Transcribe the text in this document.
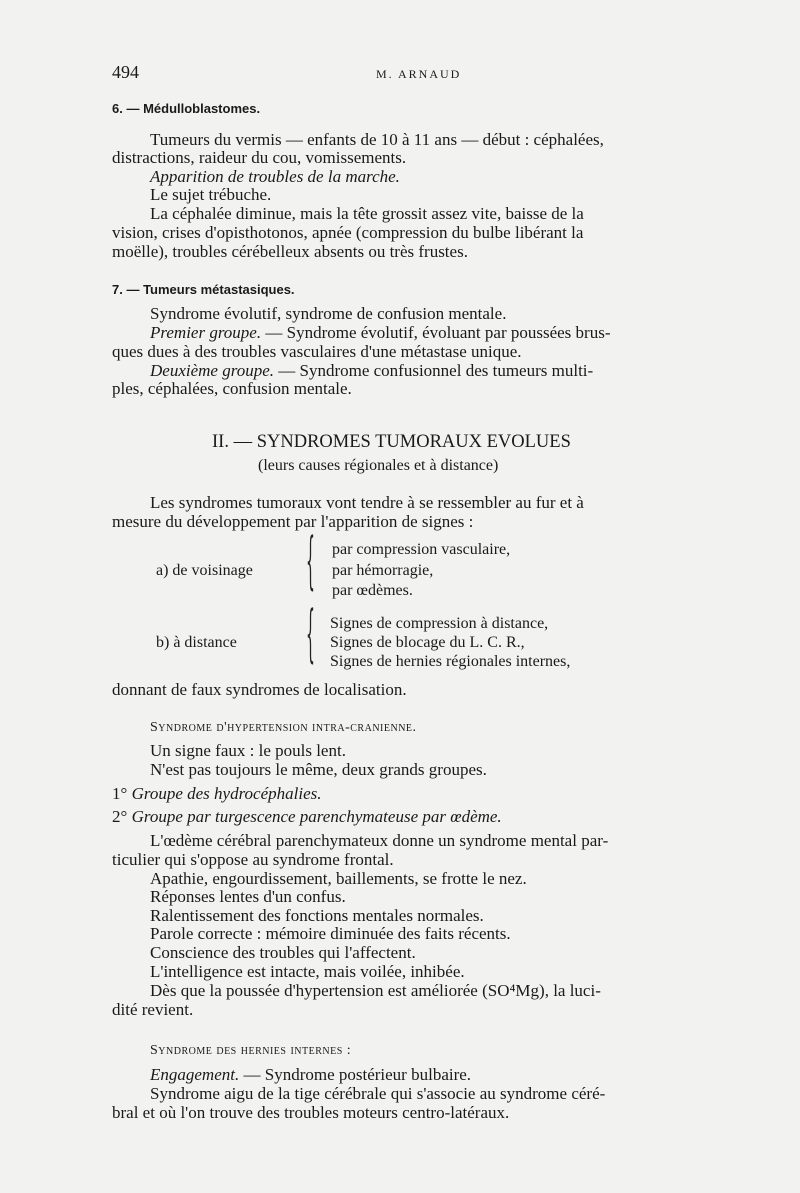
494	M. ARNAUD
6. — Médulloblastomes.
Tumeurs du vermis — enfants de 10 à 11 ans — début : céphalées,
distractions, raideur du cou, vomissements.
Apparition de troubles de la marche.
Le sujet trébuche.
La céphalée diminue, mais la tête grossit assez vite, baisse de la
vision, crises d'opisthotonos, apnée (compression du bulbe libérant la
moëlle), troubles cérébelleux absents ou très frustes.
7. — Tumeurs métastasiques.
Syndrome évolutif, syndrome de confusion mentale.
Premier groupe. — Syndrome évolutif, évoluant par poussées brus-
ques dues à des troubles vasculaires d'une métastase unique.
Deuxième groupe. — Syndrome confusionnel des tumeurs multi-
ples, céphalées, confusion mentale.
II. — SYNDROMES TUMORAUX EVOLUES
(leurs causes régionales et à distance)
Les syndromes tumoraux vont tendre à se ressembler au fur et à
mesure du développement par l'apparition de signes :
a) de voisinage	{ par compression vasculaire,
par hémorragie,
par œdèmes.
b) à distance	{ Signes de compression à distance,
Signes de blocage du L. C. R.,
Signes de hernies régionales internes,
donnant de faux syndromes de localisation.
Syndrome d'hypertension intra-cranienne.
Un signe faux : le pouls lent.
N'est pas toujours le même, deux grands groupes.
1° Groupe des hydrocéphalies.
2° Groupe par turgescence parenchymateuse par œdème.
L'œdème cérébral parenchymateux donne un syndrome mental par-
ticulier qui s'oppose au syndrome frontal.
Apathie, engourdissement, baillements, se frotte le nez.
Réponses lentes d'un confus.
Ralentissement des fonctions mentales normales.
Parole correcte : mémoire diminuée des faits récents.
Conscience des troubles qui l'affectent.
L'intelligence est intacte, mais voilée, inhibée.
Dès que la poussée d'hypertension est améliorée (SO⁴Mg), la luci-
dité revient.
Syndrome des hernies internes :
Engagement. — Syndrome postérieur bulbaire.
Syndrome aigu de la tige cérébrale qui s'associe au syndrome céré-
bral et où l'on trouve des troubles moteurs centro-latéraux.
